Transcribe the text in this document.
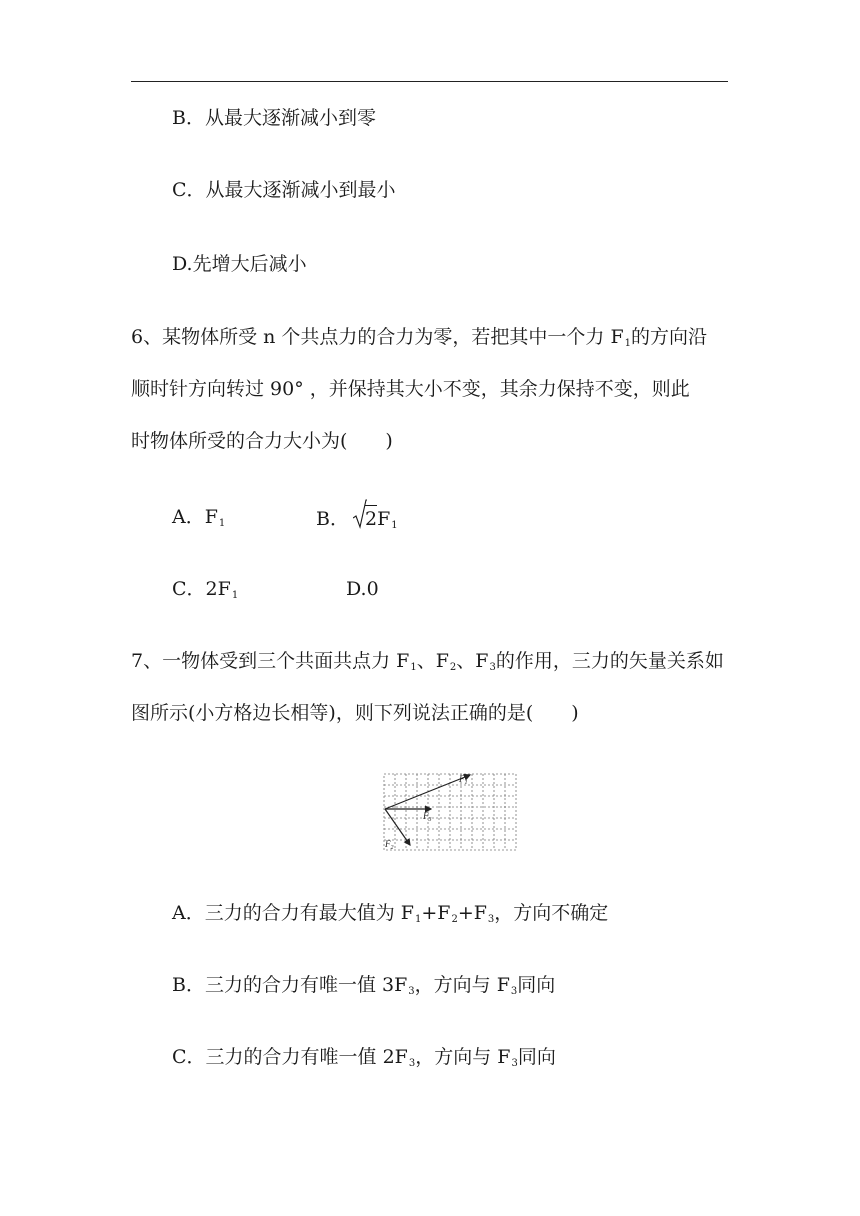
B．从最大逐渐减小到零
C．从最大逐渐减小到最小
D.先增大后减小
6、某物体所受 n 个共点力的合力为零，若把其中一个力 $F_1$的方向沿
顺时针方向转过 90° ，并保持其大小不变，其余力保持不变，则此
时物体所受的合力大小为( )
A．$F_1$	B． $2F_1$
C．$2F_1$	D.0
7、一物体受到三个共面共点力 $F_1$、$F_2$、$F_3$的作用，三力的矢量关系如
图所示(小方格边长相等)，则下列说法正确的是( )
$F_1$
$F_3$
$F_2$
A．三力的合力有最大值为 $F_1+F_2+F_3$，方向不确定
B．三力的合力有唯一值 $3F_3$，方向与 $F_3$同向
C．三力的合力有唯一值 $2F_3$，方向与 $F_3$同向
